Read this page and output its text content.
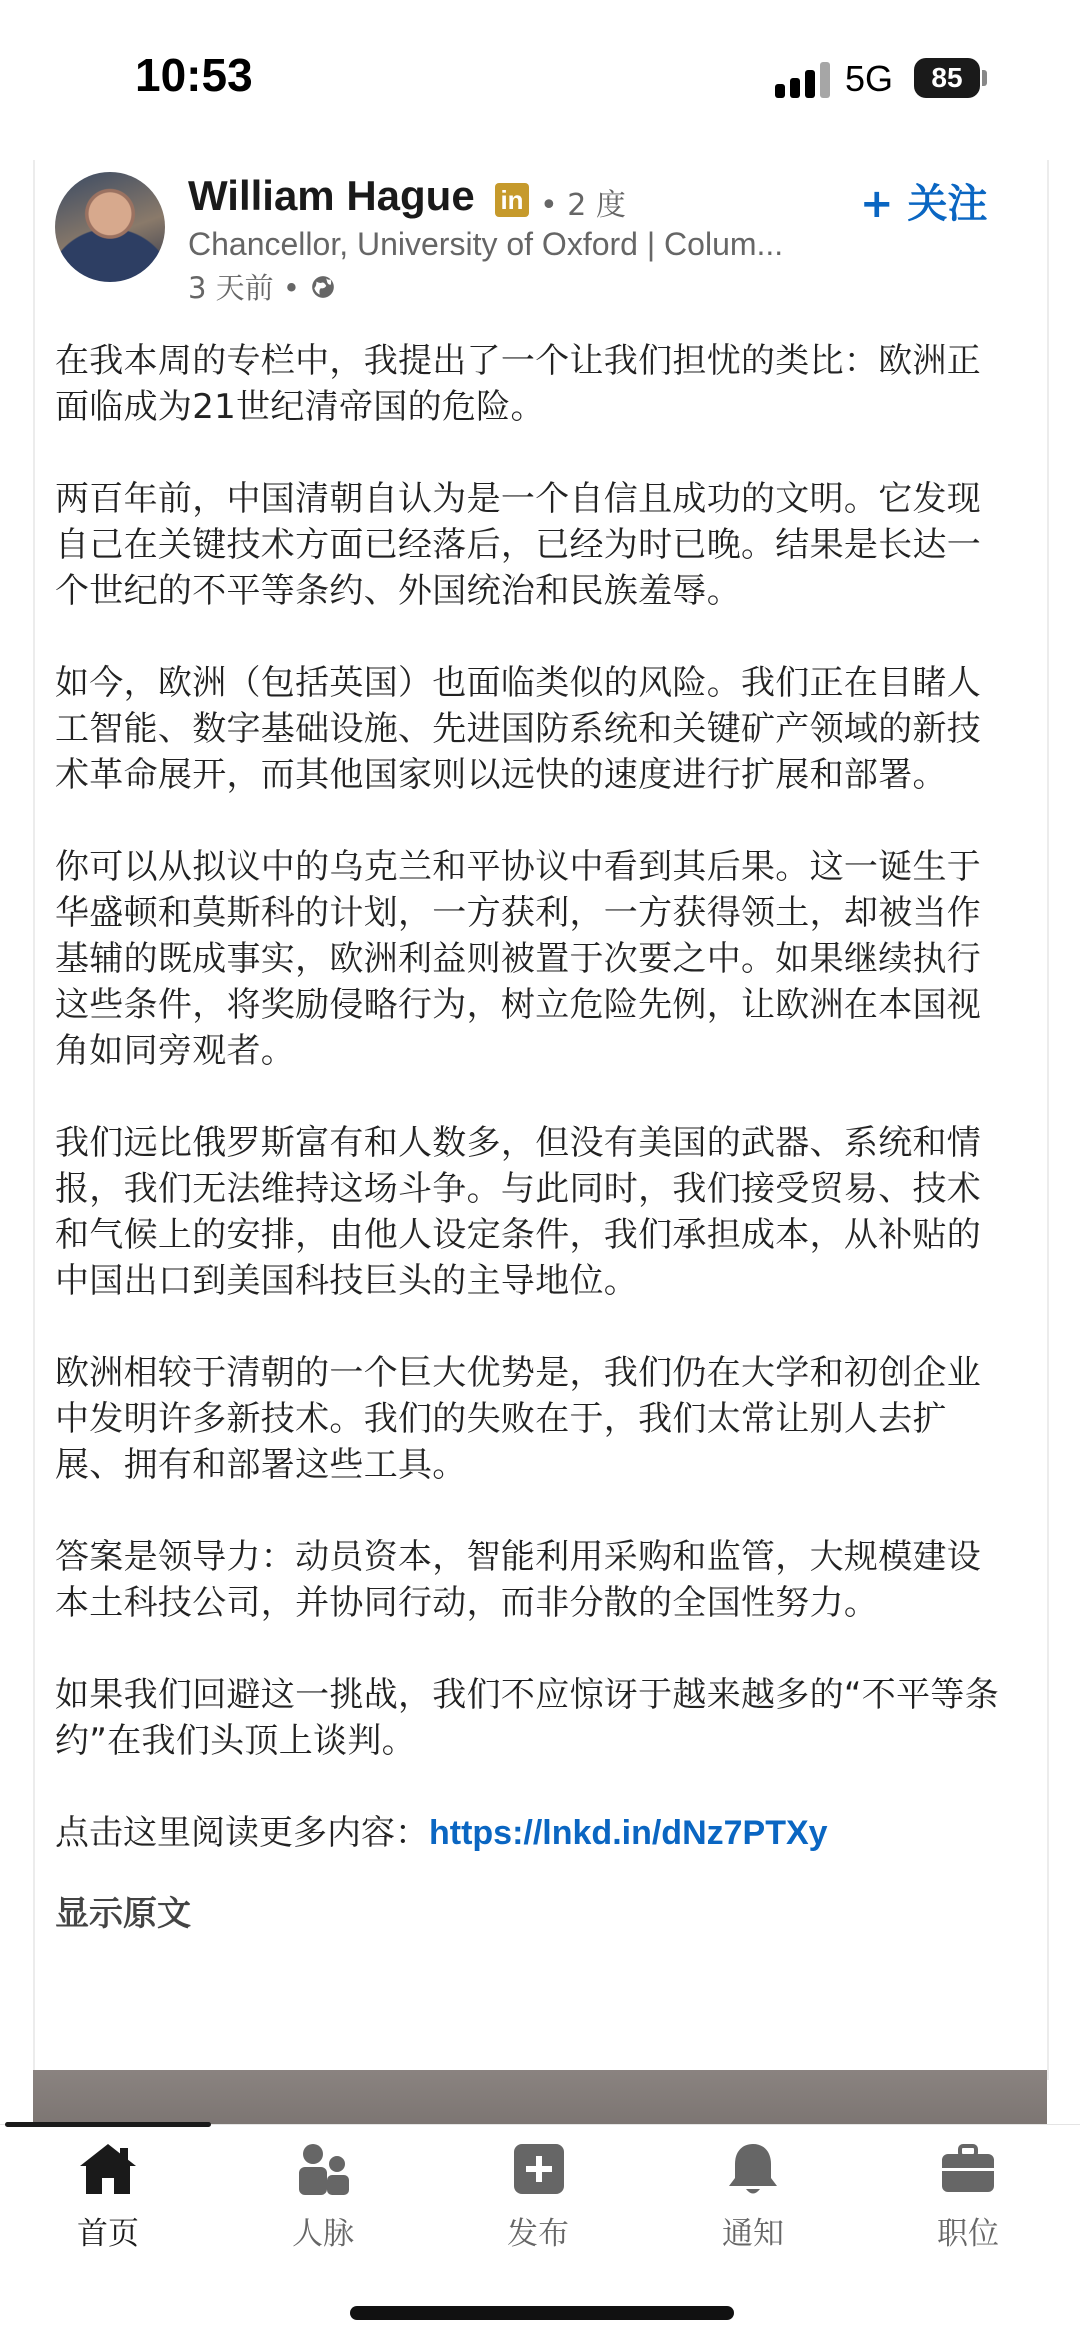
10:53	5G 85
William Hague in • 2 度	+ 关注
Chancellor, University of Oxford | Colum...
3 天前 •

在我本周的专栏中，我提出了一个让我们担忧的类比：欧洲正面临成为21世纪清帝国的危险。

两百年前，中国清朝自认为是一个自信且成功的文明。它发现自己在关键技术方面已经落后，已经为时已晚。结果是长达一个世纪的不平等条约、外国统治和民族羞辱。

如今，欧洲（包括英国）也面临类似的风险。我们正在目睹人工智能、数字基础设施、先进国防系统和关键矿产领域的新技术革命展开，而其他国家则以远快的速度进行扩展和部署。

你可以从拟议中的乌克兰和平协议中看到其后果。这一诞生于华盛顿和莫斯科的计划，一方获利，一方获得领土，却被当作基辅的既成事实，欧洲利益则被置于次要之中。如果继续执行这些条件，将奖励侵略行为，树立危险先例，让欧洲在本国视角如同旁观者。

我们远比俄罗斯富有和人数多，但没有美国的武器、系统和情报，我们无法维持这场斗争。与此同时，我们接受贸易、技术和气候上的安排，由他人设定条件，我们承担成本，从补贴的中国出口到美国科技巨头的主导地位。

欧洲相较于清朝的一个巨大优势是，我们仍在大学和初创企业中发明许多新技术。我们的失败在于，我们太常让别人去扩展、拥有和部署这些工具。

答案是领导力：动员资本，智能利用采购和监管，大规模建设本土科技公司，并协同行动，而非分散的全国性努力。

如果我们回避这一挑战，我们不应惊讶于越来越多的“不平等条约”在我们头顶上谈判。

点击这里阅读更多内容：https://lnkd.in/dNz7PTXy
显示原文
首页	人脉	发布	通知	职位
